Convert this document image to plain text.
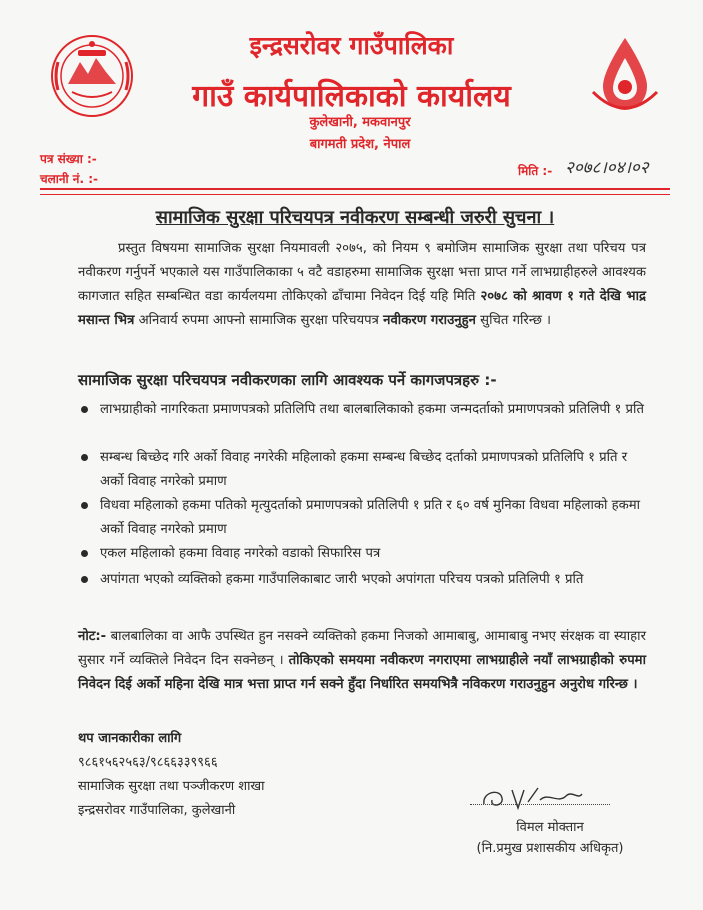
इन्द्रसरोवर गाउँपालिका
गाउँ कार्यपालिकाको कार्यालय
कुलेखानी, मकवानपुर
बागमती प्रदेश, नेपाल
पत्र संख्या :-
चलानी नं. :-
मिति :- २०७८।०४।०२
सामाजिक सुरक्षा परिचयपत्र नवीकरण सम्बन्धी जरुरी सुचना ।
प्रस्तुत विषयमा सामाजिक सुरक्षा नियमावली २०७५, को नियम ९ बमोजिम सामाजिक सुरक्षा तथा परिचय पत्र नवीकरण गर्नुपर्ने भएकाले यस गाउँपालिकाका ५ वटै वडाहरुमा सामाजिक सुरक्षा भत्ता प्राप्त गर्ने लाभग्राहीहरुले आवश्यक कागजात सहित सम्बन्धित वडा कार्यलयमा तोकिएको ढाँचामा निवेदन दिई यहि मिति २०७८ को श्रावण १ गते देखि भाद्र मसान्त भित्र अनिवार्य रुपमा आफ्नो सामाजिक सुरक्षा परिचयपत्र नवीकरण गराउनुहुन सुचित गरिन्छ ।
सामाजिक सुरक्षा परिचयपत्र नवीकरणका लागि आवश्यक पर्ने कागजपत्रहरु :-
लाभग्राहीको नागरिकता प्रमाणपत्रको प्रतिलिपि तथा बालबालिकाको हकमा जन्मदर्ताको प्रमाणपत्रको प्रतिलिपी १ प्रति
सम्बन्ध बिच्छेद गरि अर्को विवाह नगरेकी महिलाको हकमा सम्बन्ध बिच्छेद दर्ताको प्रमाणपत्रको प्रतिलिपि १ प्रति र अर्को विवाह नगरेको प्रमाण
विधवा महिलाको हकमा पतिको मृत्युदर्ताको प्रमाणपत्रको प्रतिलिपी १ प्रति र ६० वर्ष मुनिका विधवा महिलाको हकमा अर्को विवाह नगरेको प्रमाण
एकल महिलाको हकमा विवाह नगरेको वडाको सिफारिस पत्र
अपांगता भएको व्यक्तिको हकमा गाउँपालिकाबाट जारी भएको अपांगता परिचय पत्रको प्रतिलिपी १ प्रति
नोट:- बालबालिका वा आफै उपस्थित हुन नसक्ने व्यक्तिको हकमा निजको आमाबाबु, आमाबाबु नभए संरक्षक वा स्याहार सुसार गर्ने व्यक्तिले निवेदन दिन सक्नेछन् । तोकिएको समयमा नवीकरण नगराएमा लाभग्राहीले नयाँ लाभग्राहीको रुपमा निवेदन दिई अर्को महिना देखि मात्र भत्ता प्राप्त गर्न सक्ने हुँदा निर्धारित समयभित्रै नविकरण गराउनुहुन अनुरोध गरिन्छ ।
थप जानकारीका लागि
९८६१५६२५६३/९८६६३३९९६६
सामाजिक सुरक्षा तथा पञ्जीकरण शाखा
इन्द्रसरोवर गाउँपालिका, कुलेखानी
विमल मोक्तान
(नि.प्रमुख प्रशासकीय अधिकृत)
